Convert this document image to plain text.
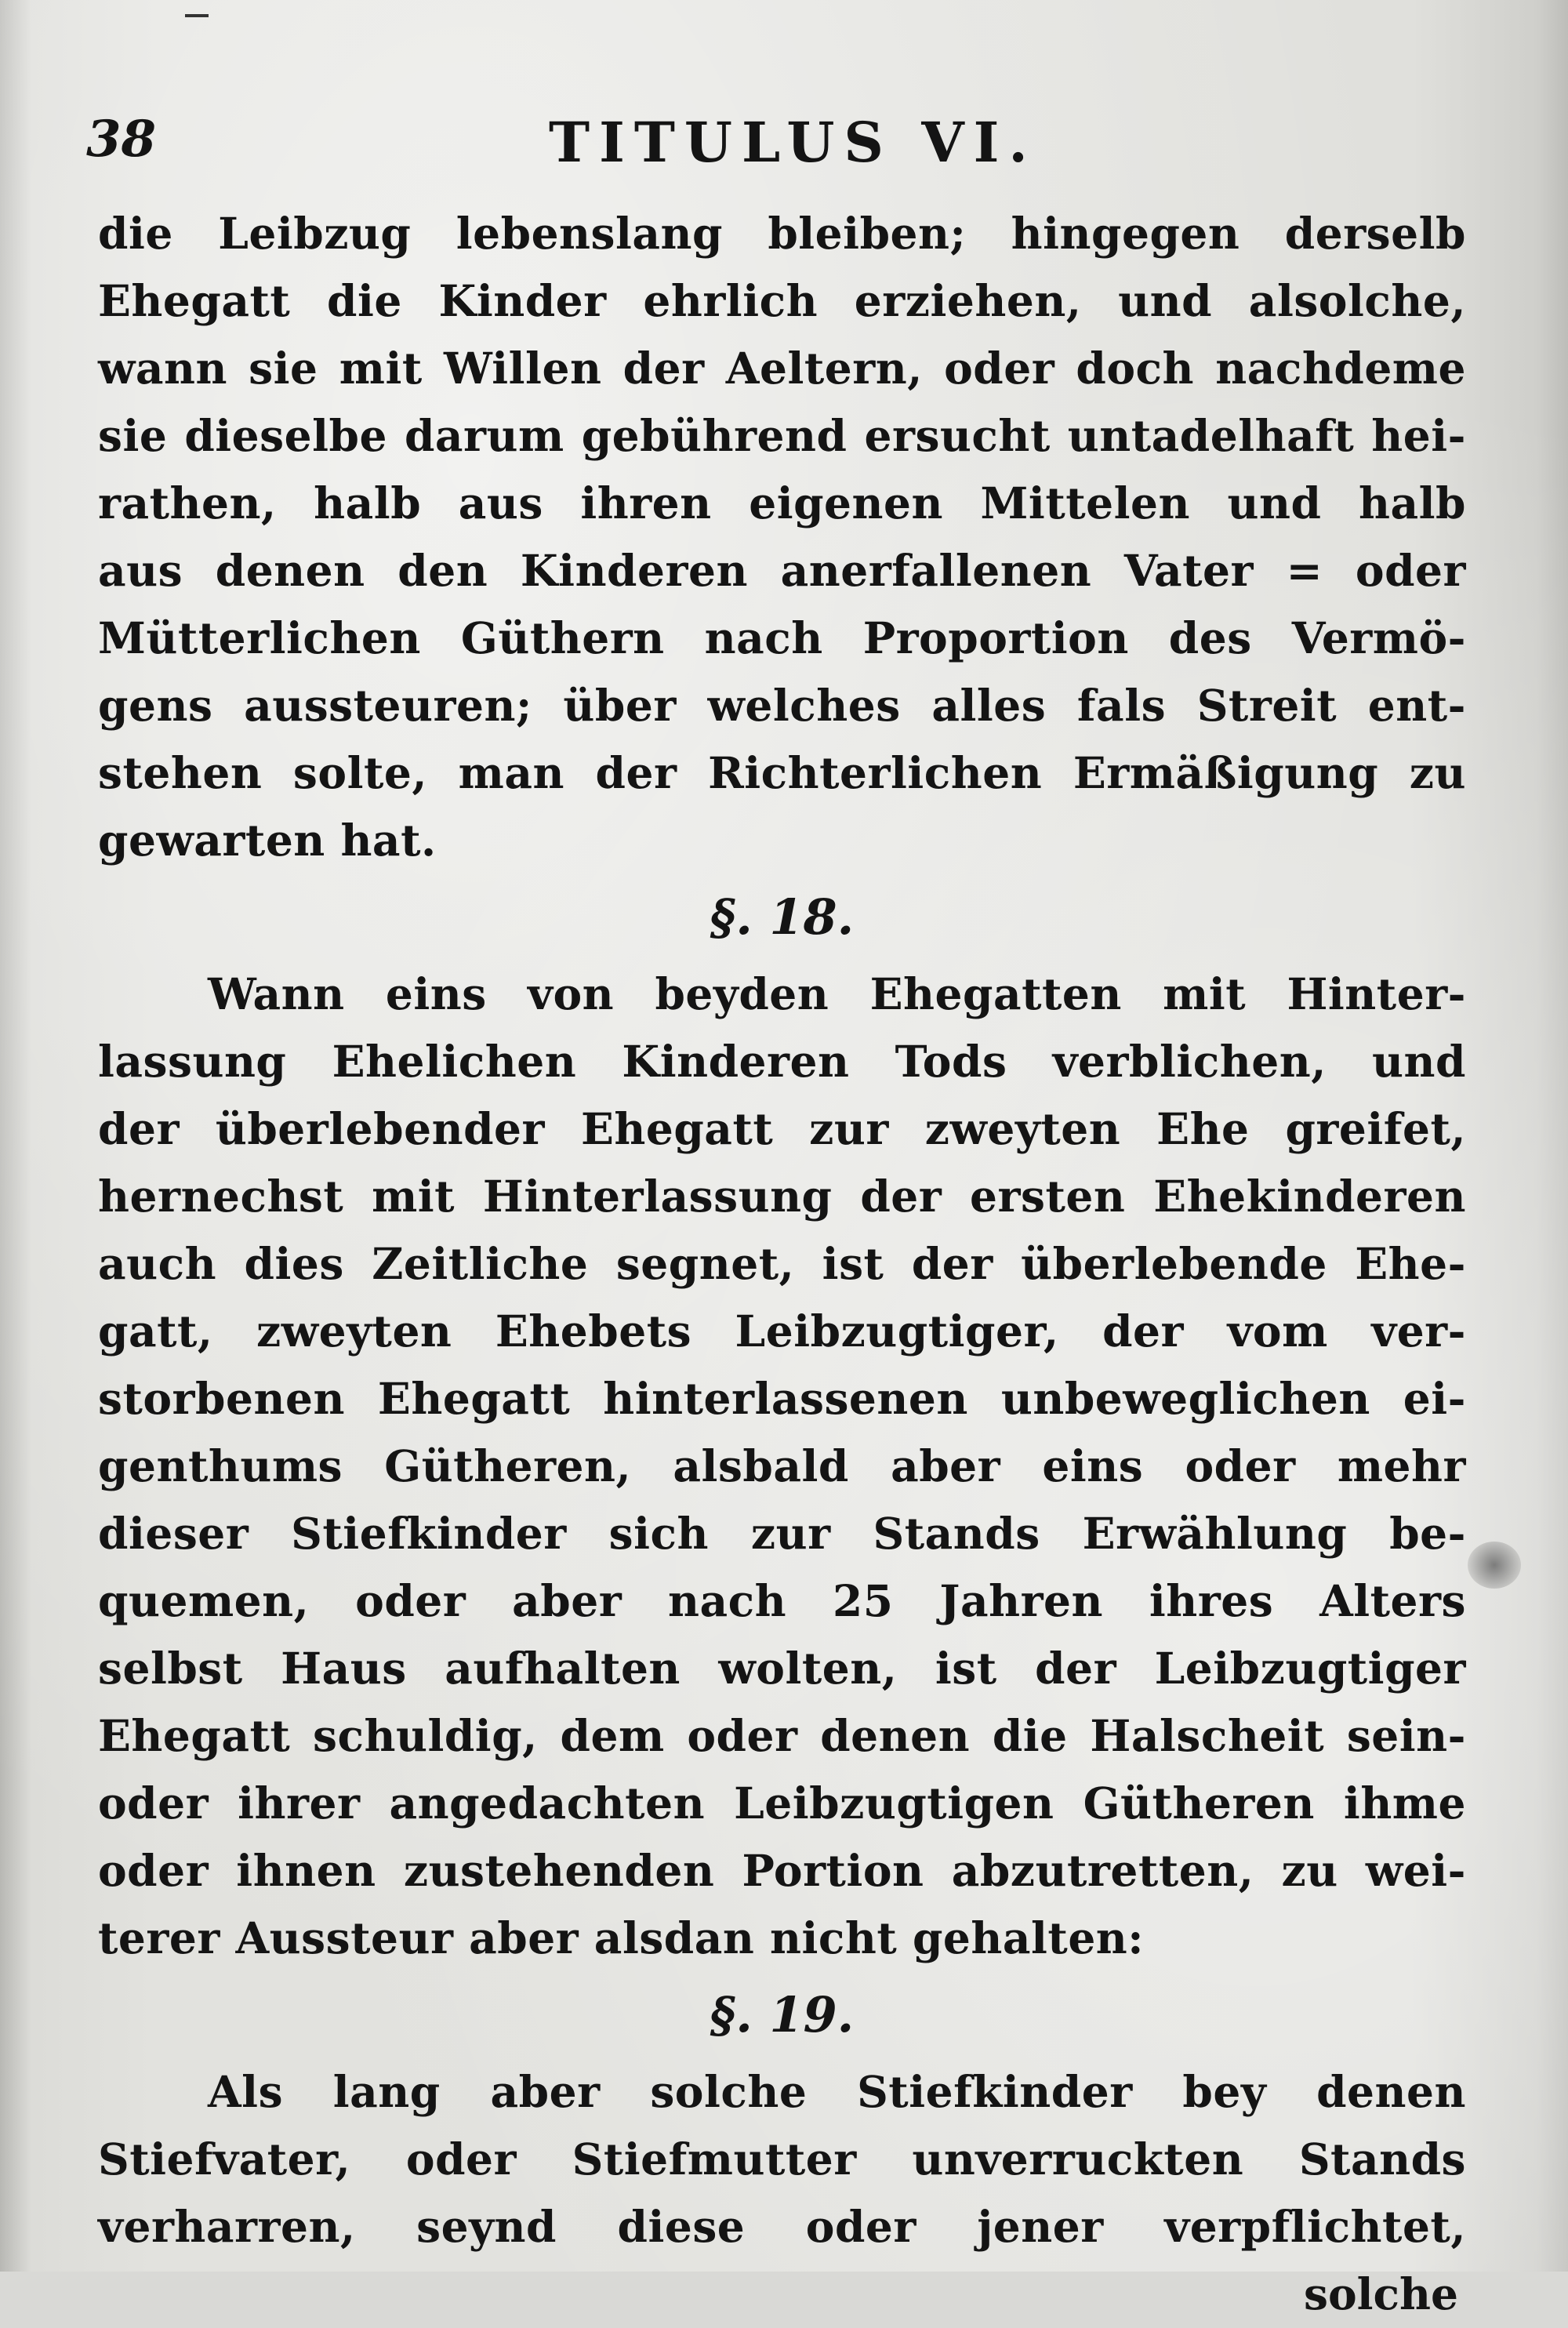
38	TITULUS VI.
die Leibzug lebenslang bleiben; hingegen derselb
Ehegatt die Kinder ehrlich erziehen, und alsolche,
wann sie mit Willen der Aeltern, oder doch nachdeme
sie dieselbe darum gebührend ersucht untadelhaft hei-
rathen, halb aus ihren eigenen Mittelen und halb
aus denen den Kinderen anerfallenen Vater = oder
Mütterlichen Güthern nach Proportion des Vermö-
gens aussteuren; über welches alles fals Streit ent-
stehen solte, man der Richterlichen Ermäßigung zu
gewarten hat.
§. 18.
Wann eins von beyden Ehegatten mit Hinter-
lassung Ehelichen Kinderen Tods verblichen, und
der überlebender Ehegatt zur zweyten Ehe greifet,
hernechst mit Hinterlassung der ersten Ehekinderen
auch dies Zeitliche segnet, ist der überlebende Ehe-
gatt, zweyten Ehebets Leibzugtiger, der vom ver-
storbenen Ehegatt hinterlassenen unbeweglichen ei-
genthums Gütheren, alsbald aber eins oder mehr
dieser Stiefkinder sich zur Stands Erwählung be-
quemen, oder aber nach 25 Jahren ihres Alters
selbst Haus aufhalten wolten, ist der Leibzugtiger
Ehegatt schuldig, dem oder denen die Halscheit sein-
oder ihrer angedachten Leibzugtigen Gütheren ihme
oder ihnen zustehenden Portion abzutretten, zu wei-
terer Aussteur aber alsdan nicht gehalten:
§. 19.
Als lang aber solche Stiefkinder bey denen
Stiefvater, oder Stiefmutter unverruckten Stands
verharren, seynd diese oder jener verpflichtet,
solche
